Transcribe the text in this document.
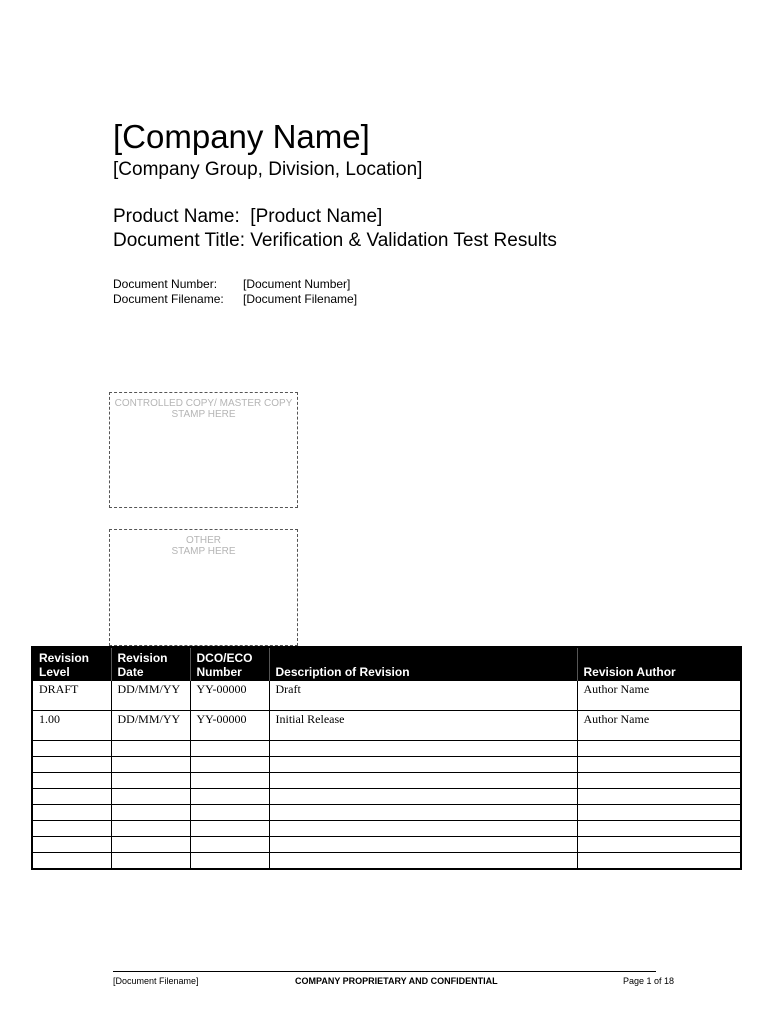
[Company Name]
[Company Group, Division, Location]
Product Name: [Product Name]
Document Title: Verification & Validation Test Results
Document Number: [Document Number]
Document Filename: [Document Filename]
CONTROLLED COPY/ MASTER COPY
STAMP HERE
OTHER
STAMP HERE
Revision Level	Revision Date	DCO/ECO Number	Description of Revision	Revision Author
DRAFT	DD/MM/YY	YY-00000	Draft	Author Name
1.00	DD/MM/YY	YY-00000	Initial Release	Author Name

[Document Filename]	COMPANY PROPRIETARY AND CONFIDENTIAL	Page 1 of 18
